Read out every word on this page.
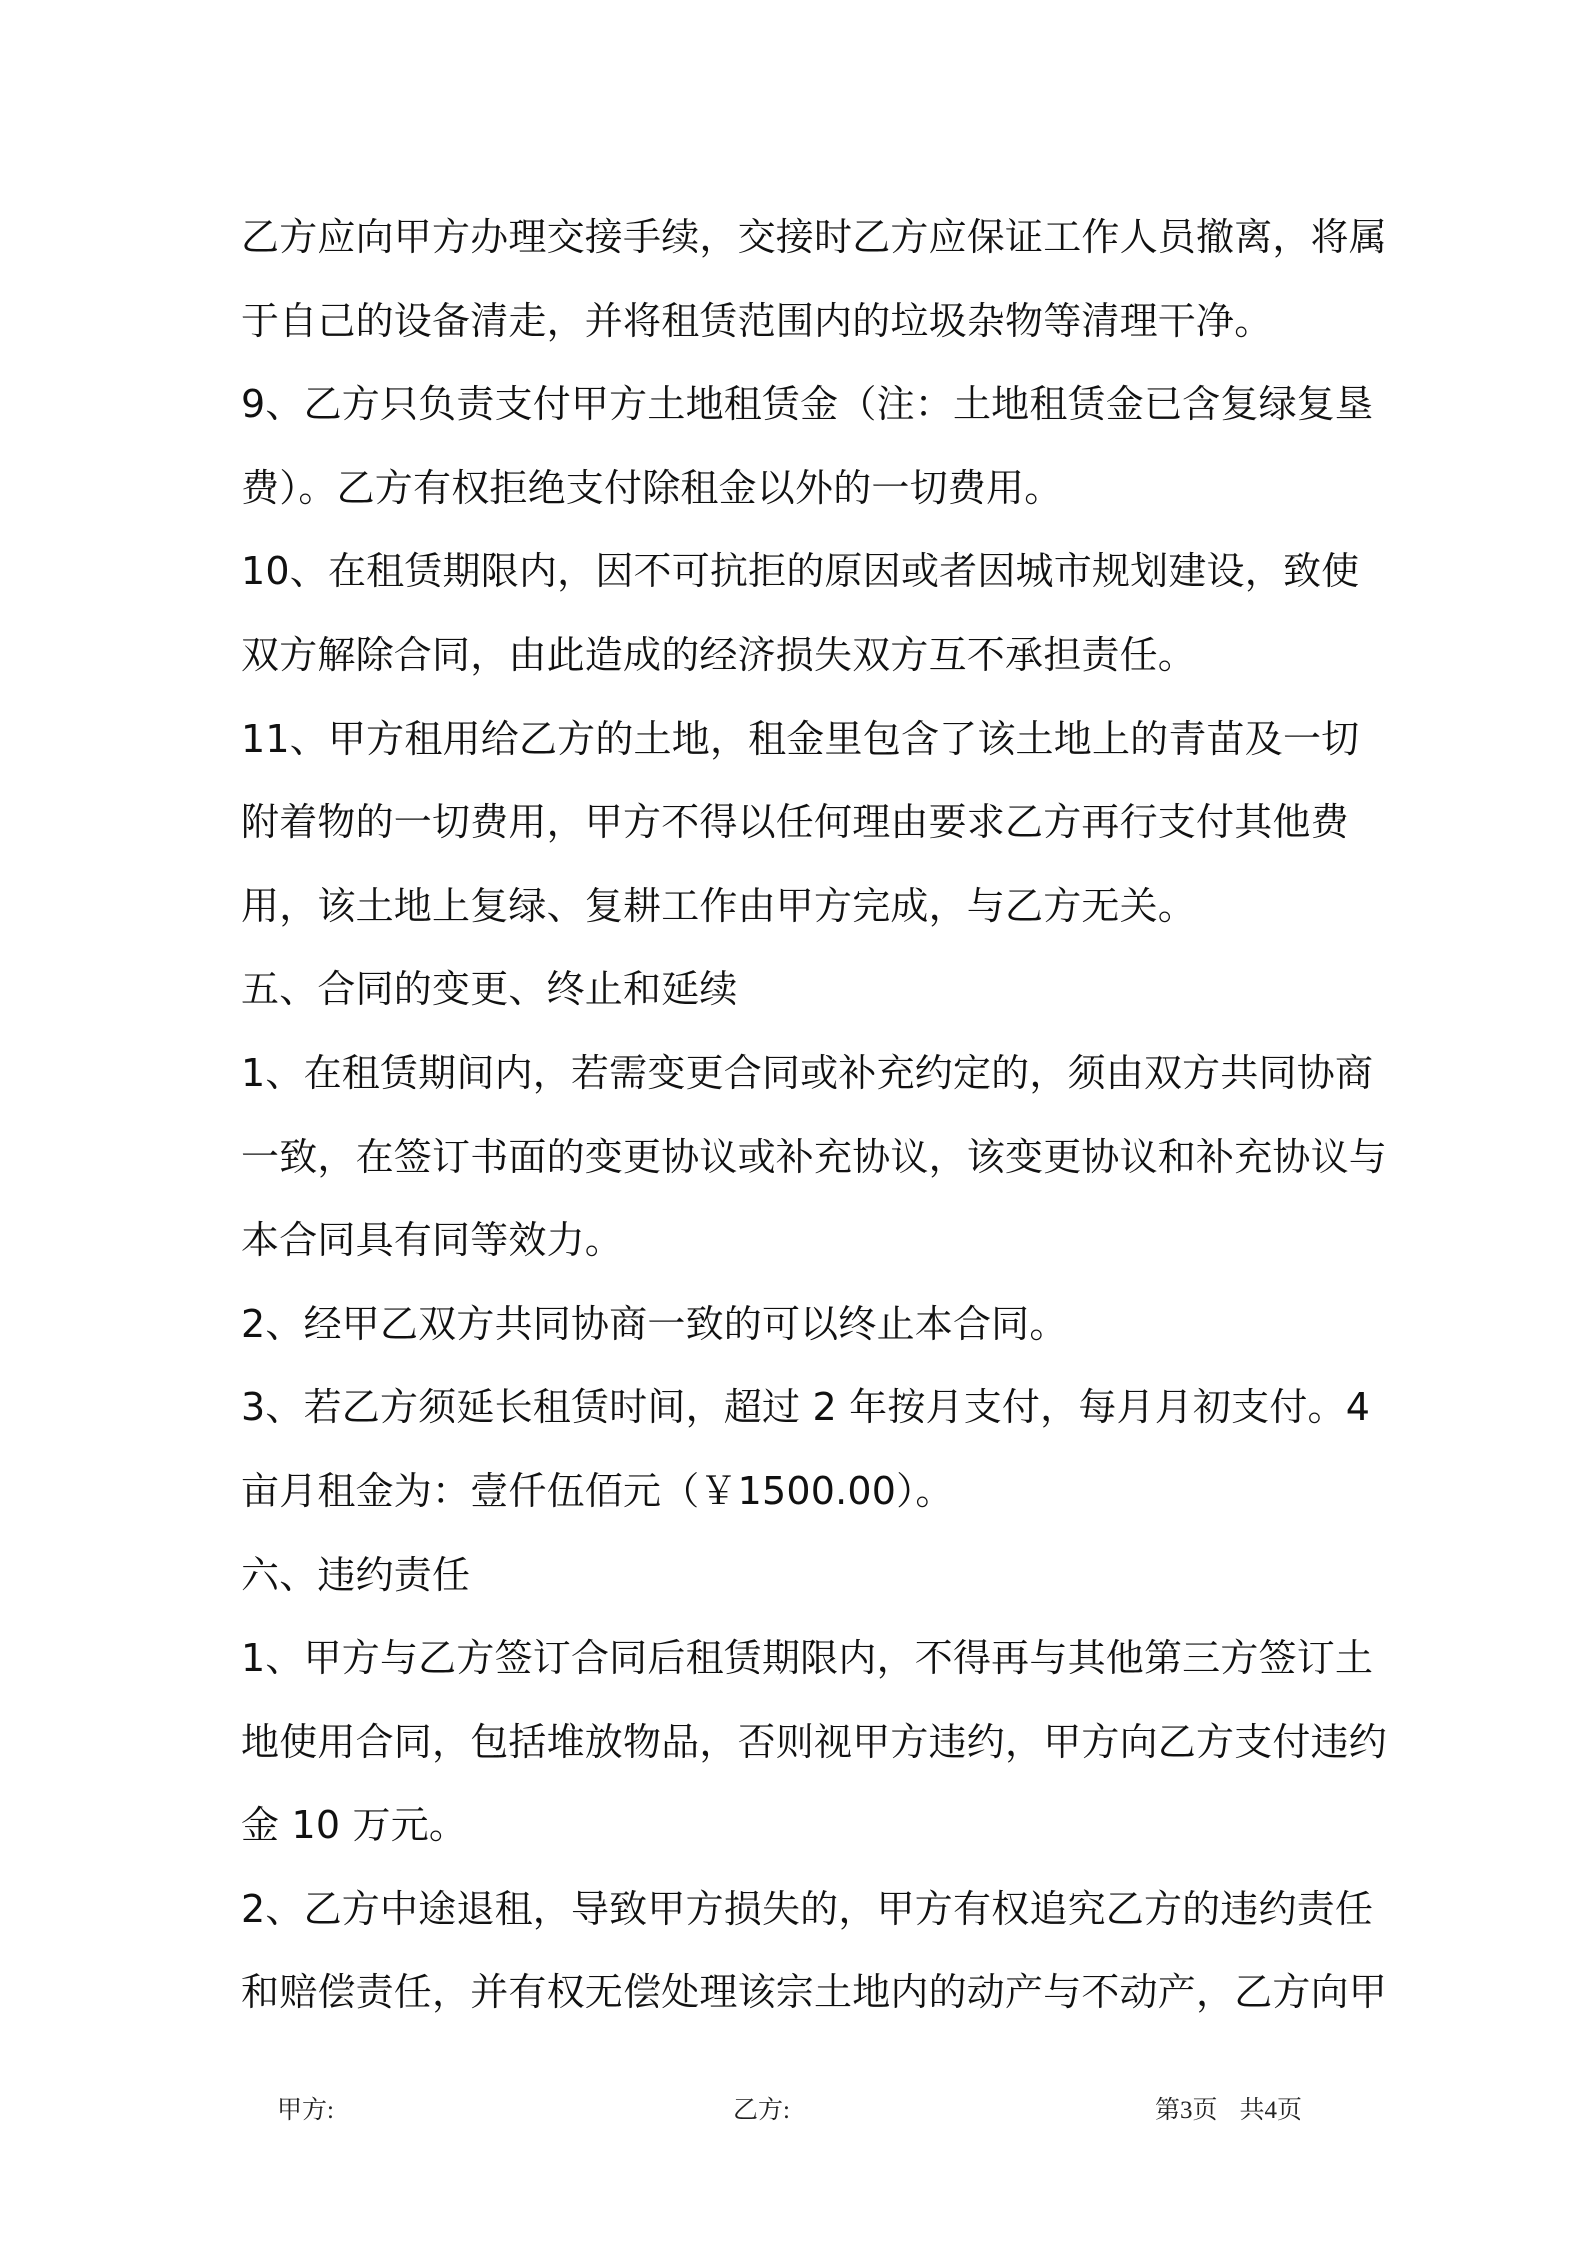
乙方应向甲方办理交接手续，交接时乙方应保证工作人员撤离，将属
于自己的设备清走，并将租赁范围内的垃圾杂物等清理干净。
9、乙方只负责支付甲方土地租赁金（注：土地租赁金已含复绿复垦
费）。乙方有权拒绝支付除租金以外的一切费用。
10、在租赁期限内，因不可抗拒的原因或者因城市规划建设，致使
双方解除合同，由此造成的经济损失双方互不承担责任。
11、甲方租用给乙方的土地，租金里包含了该土地上的青苗及一切
附着物的一切费用，甲方不得以任何理由要求乙方再行支付其他费
用，该土地上复绿、复耕工作由甲方完成，与乙方无关。
五、合同的变更、终止和延续
1、在租赁期间内，若需变更合同或补充约定的，须由双方共同协商
一致，在签订书面的变更协议或补充协议，该变更协议和补充协议与
本合同具有同等效力。
2、经甲乙双方共同协商一致的可以终止本合同。
3、若乙方须延长租赁时间，超过 2 年按月支付，每月月初支付。4
亩月租金为：壹仟伍佰元（￥1500.00）。
六、违约责任
1、甲方与乙方签订合同后租赁期限内，不得再与其他第三方签订土
地使用合同，包括堆放物品，否则视甲方违约，甲方向乙方支付违约
金 10 万元。
2、乙方中途退租，导致甲方损失的，甲方有权追究乙方的违约责任
和赔偿责任，并有权无偿处理该宗土地内的动产与不动产，乙方向甲
甲方:	乙方:	第3页 共4页
